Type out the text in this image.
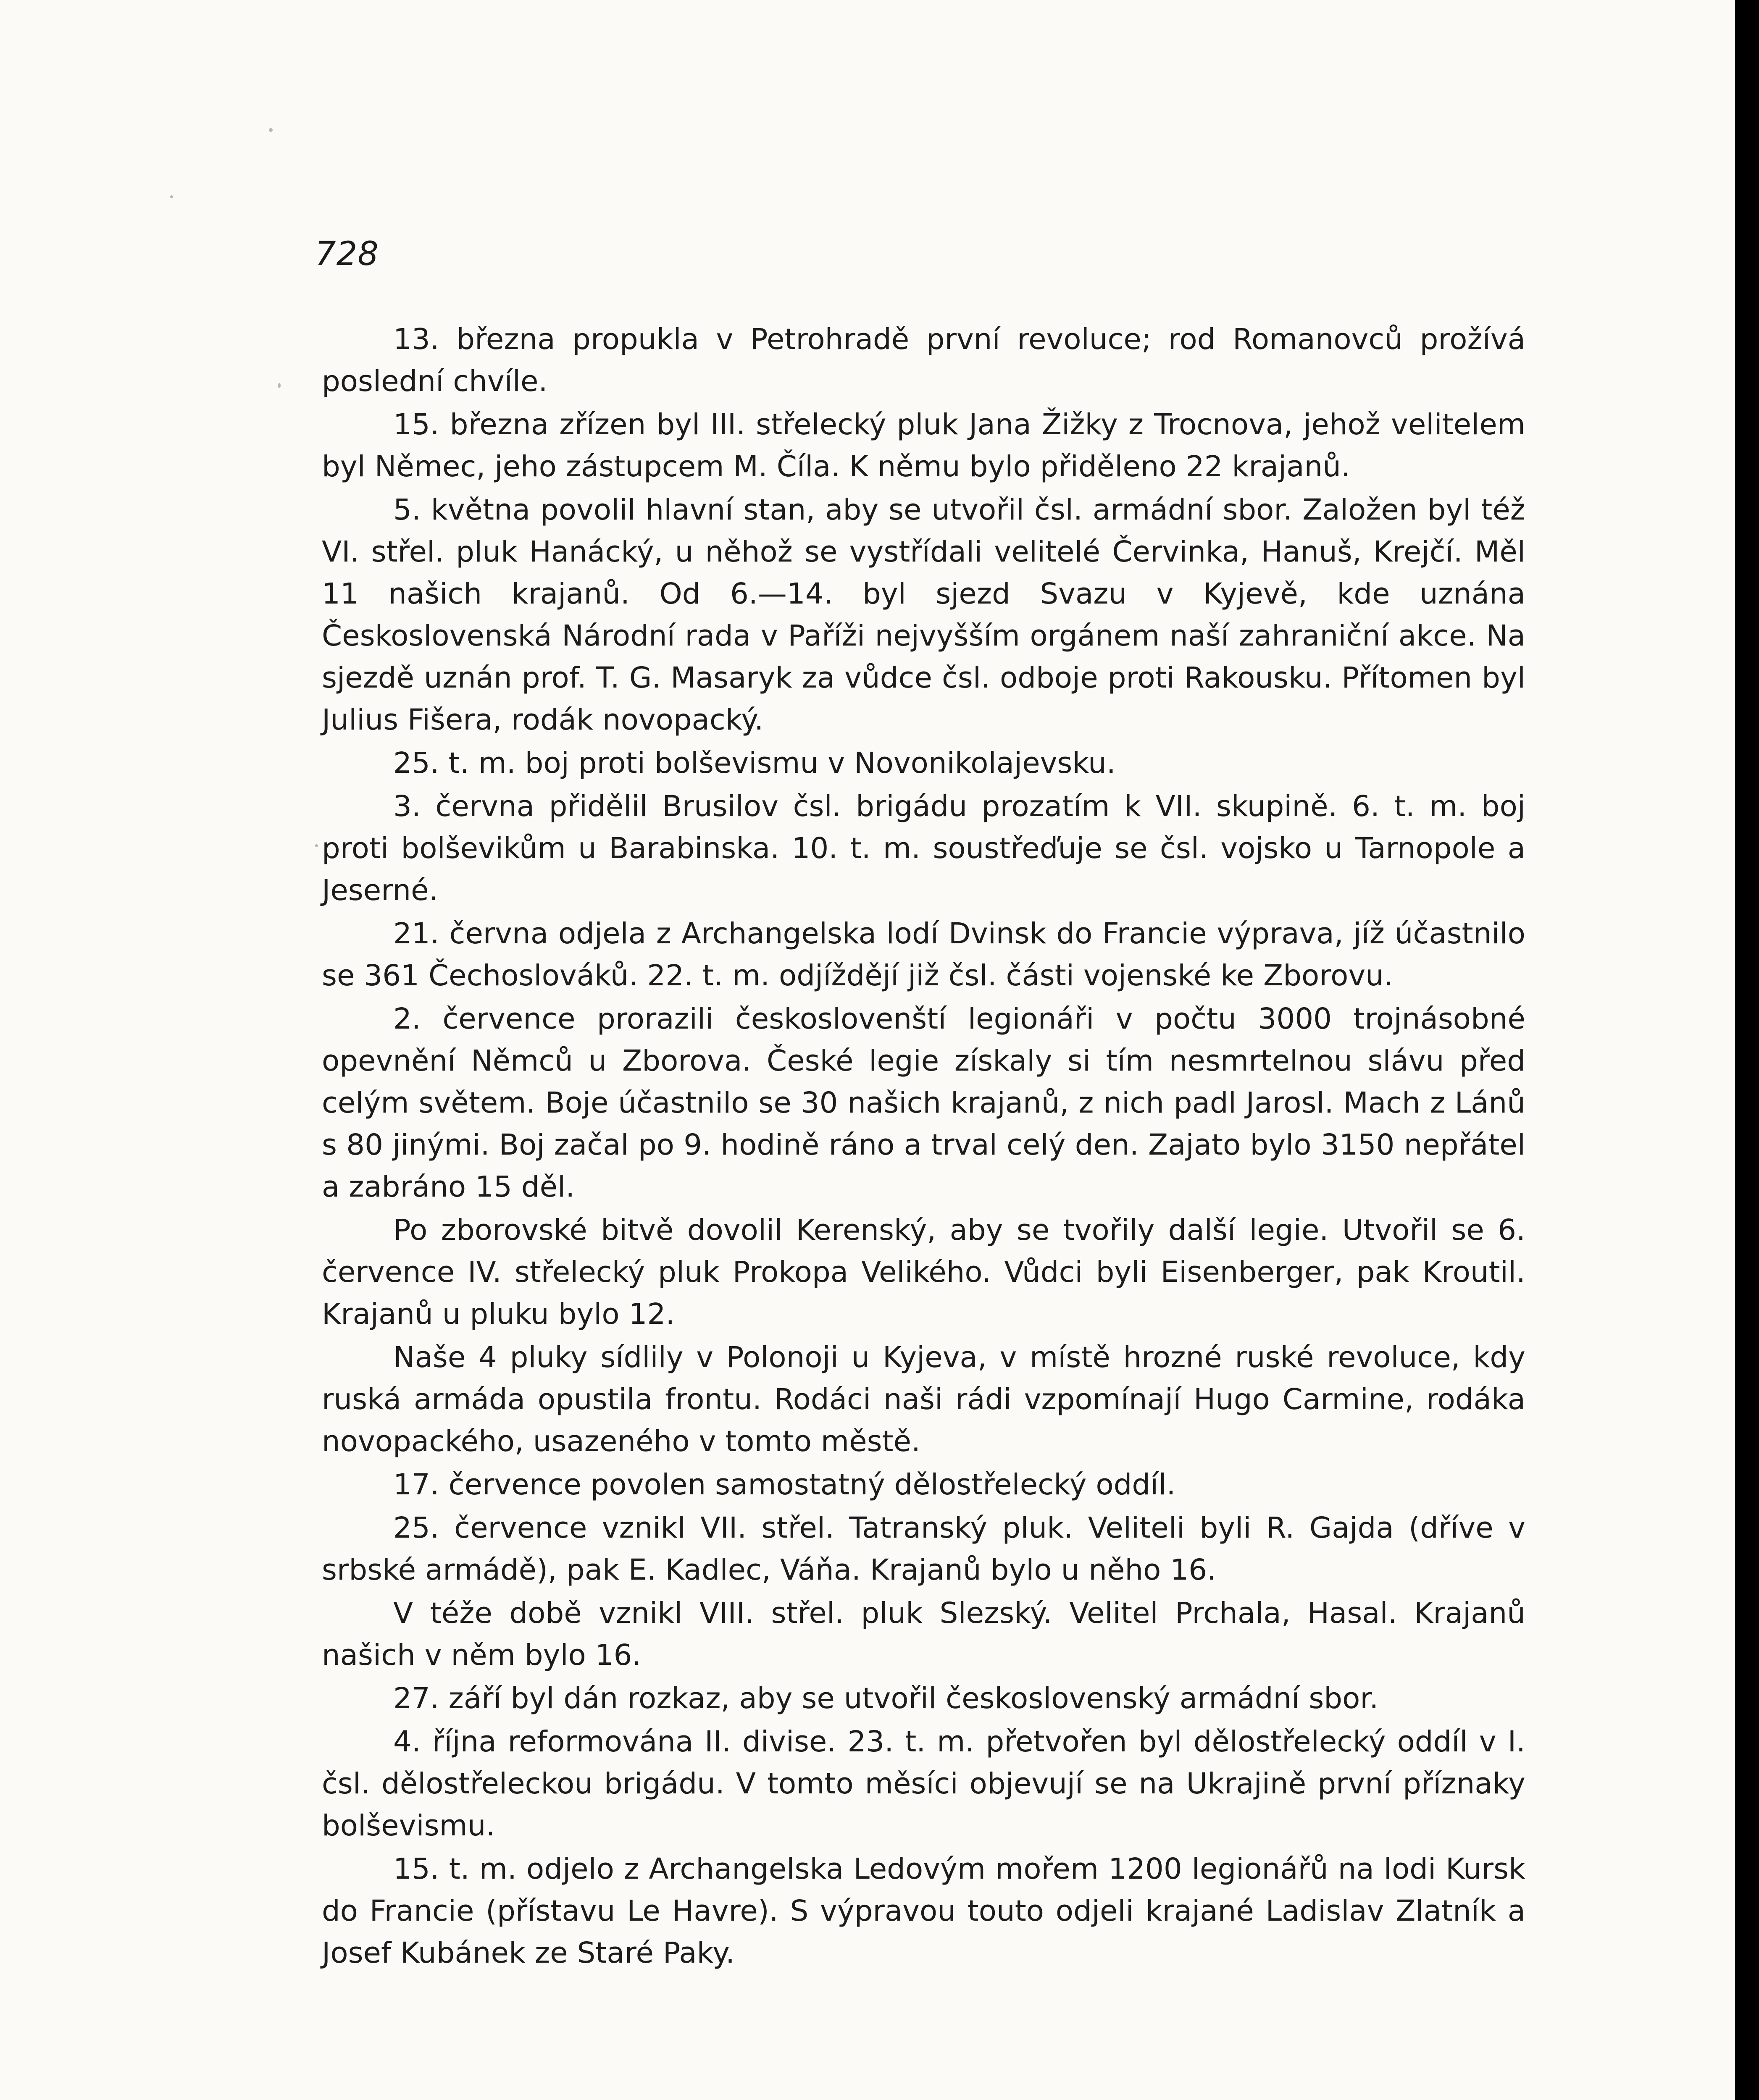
728

13. března propukla v Petrohradě první revoluce; rod Romanovců prožívá poslední chvíle.

15. března zřízen byl III. střelecký pluk Jana Žižky z Trocnova, jehož velitelem byl Němec, jeho zástupcem M. Číla. K němu bylo přiděleno 22 krajanů.

5. května povolil hlavní stan, aby se utvořil čsl. armádní sbor. Založen byl též VI. střel. pluk Hanácký, u něhož se vystřídali velitelé Červinka, Hanuš, Krejčí. Měl 11 našich krajanů. Od 6.—14. byl sjezd Svazu v Kyjevě, kde uznána Československá Národní rada v Paříži nejvyšším orgánem naší zahraniční akce. Na sjezdě uznán prof. T. G. Masaryk za vůdce čsl. odboje proti Rakousku. Přítomen byl Julius Fišera, rodák novopacký.

25. t. m. boj proti bolševismu v Novonikolajevsku.

3. června přidělil Brusilov čsl. brigádu prozatím k VII. skupině. 6. t. m. boj proti bolševikům u Barabinska. 10. t. m. soustřeďuje se čsl. vojsko u Tarnopole a Jeserné.

21. června odjela z Archangelska lodí Dvinsk do Francie výprava, jíž účastnilo se 361 Čechoslováků. 22. t. m. odjíždějí již čsl. části vojenské ke Zborovu.

2. července prorazili českoslovenští legionáři v počtu 3000 trojnásobné opevnění Němců u Zborova. České legie získaly si tím nesmrtelnou slávu před celým světem. Boje účastnilo se 30 našich krajanů, z nich padl Jarosl. Mach z Lánů s 80 jinými. Boj začal po 9. hodině ráno a trval celý den. Zajato bylo 3150 nepřátel a zabráno 15 děl.

Po zborovské bitvě dovolil Kerenský, aby se tvořily další legie. Utvořil se 6. července IV. střelecký pluk Prokopa Velikého. Vůdci byli Eisenberger, pak Kroutil. Krajanů u pluku bylo 12.

Naše 4 pluky sídlily v Polonoji u Kyjeva, v místě hrozné ruské revoluce, kdy ruská armáda opustila frontu. Rodáci naši rádi vzpomínají Hugo Carmine, rodáka novopackého, usazeného v tomto městě.

17. července povolen samostatný dělostřelecký oddíl.

25. července vznikl VII. střel. Tatranský pluk. Veliteli byli R. Gajda (dříve v srbské armádě), pak E. Kadlec, Váňa. Krajanů bylo u něho 16.

V téže době vznikl VIII. střel. pluk Slezský. Velitel Prchala, Hasal. Krajanů našich v něm bylo 16.

27. září byl dán rozkaz, aby se utvořil československý armádní sbor.

4. října reformována II. divise. 23. t. m. přetvořen byl dělostřelecký oddíl v I. čsl. dělostřeleckou brigádu. V tomto měsíci objevují se na Ukrajině první příznaky bolševismu.

15. t. m. odjelo z Archangelska Ledovým mořem 1200 legionářů na lodi Kursk do Francie (přístavu Le Havre). S výpravou touto odjeli krajané Ladislav Zlatník a Josef Kubánek ze Staré Paky.
